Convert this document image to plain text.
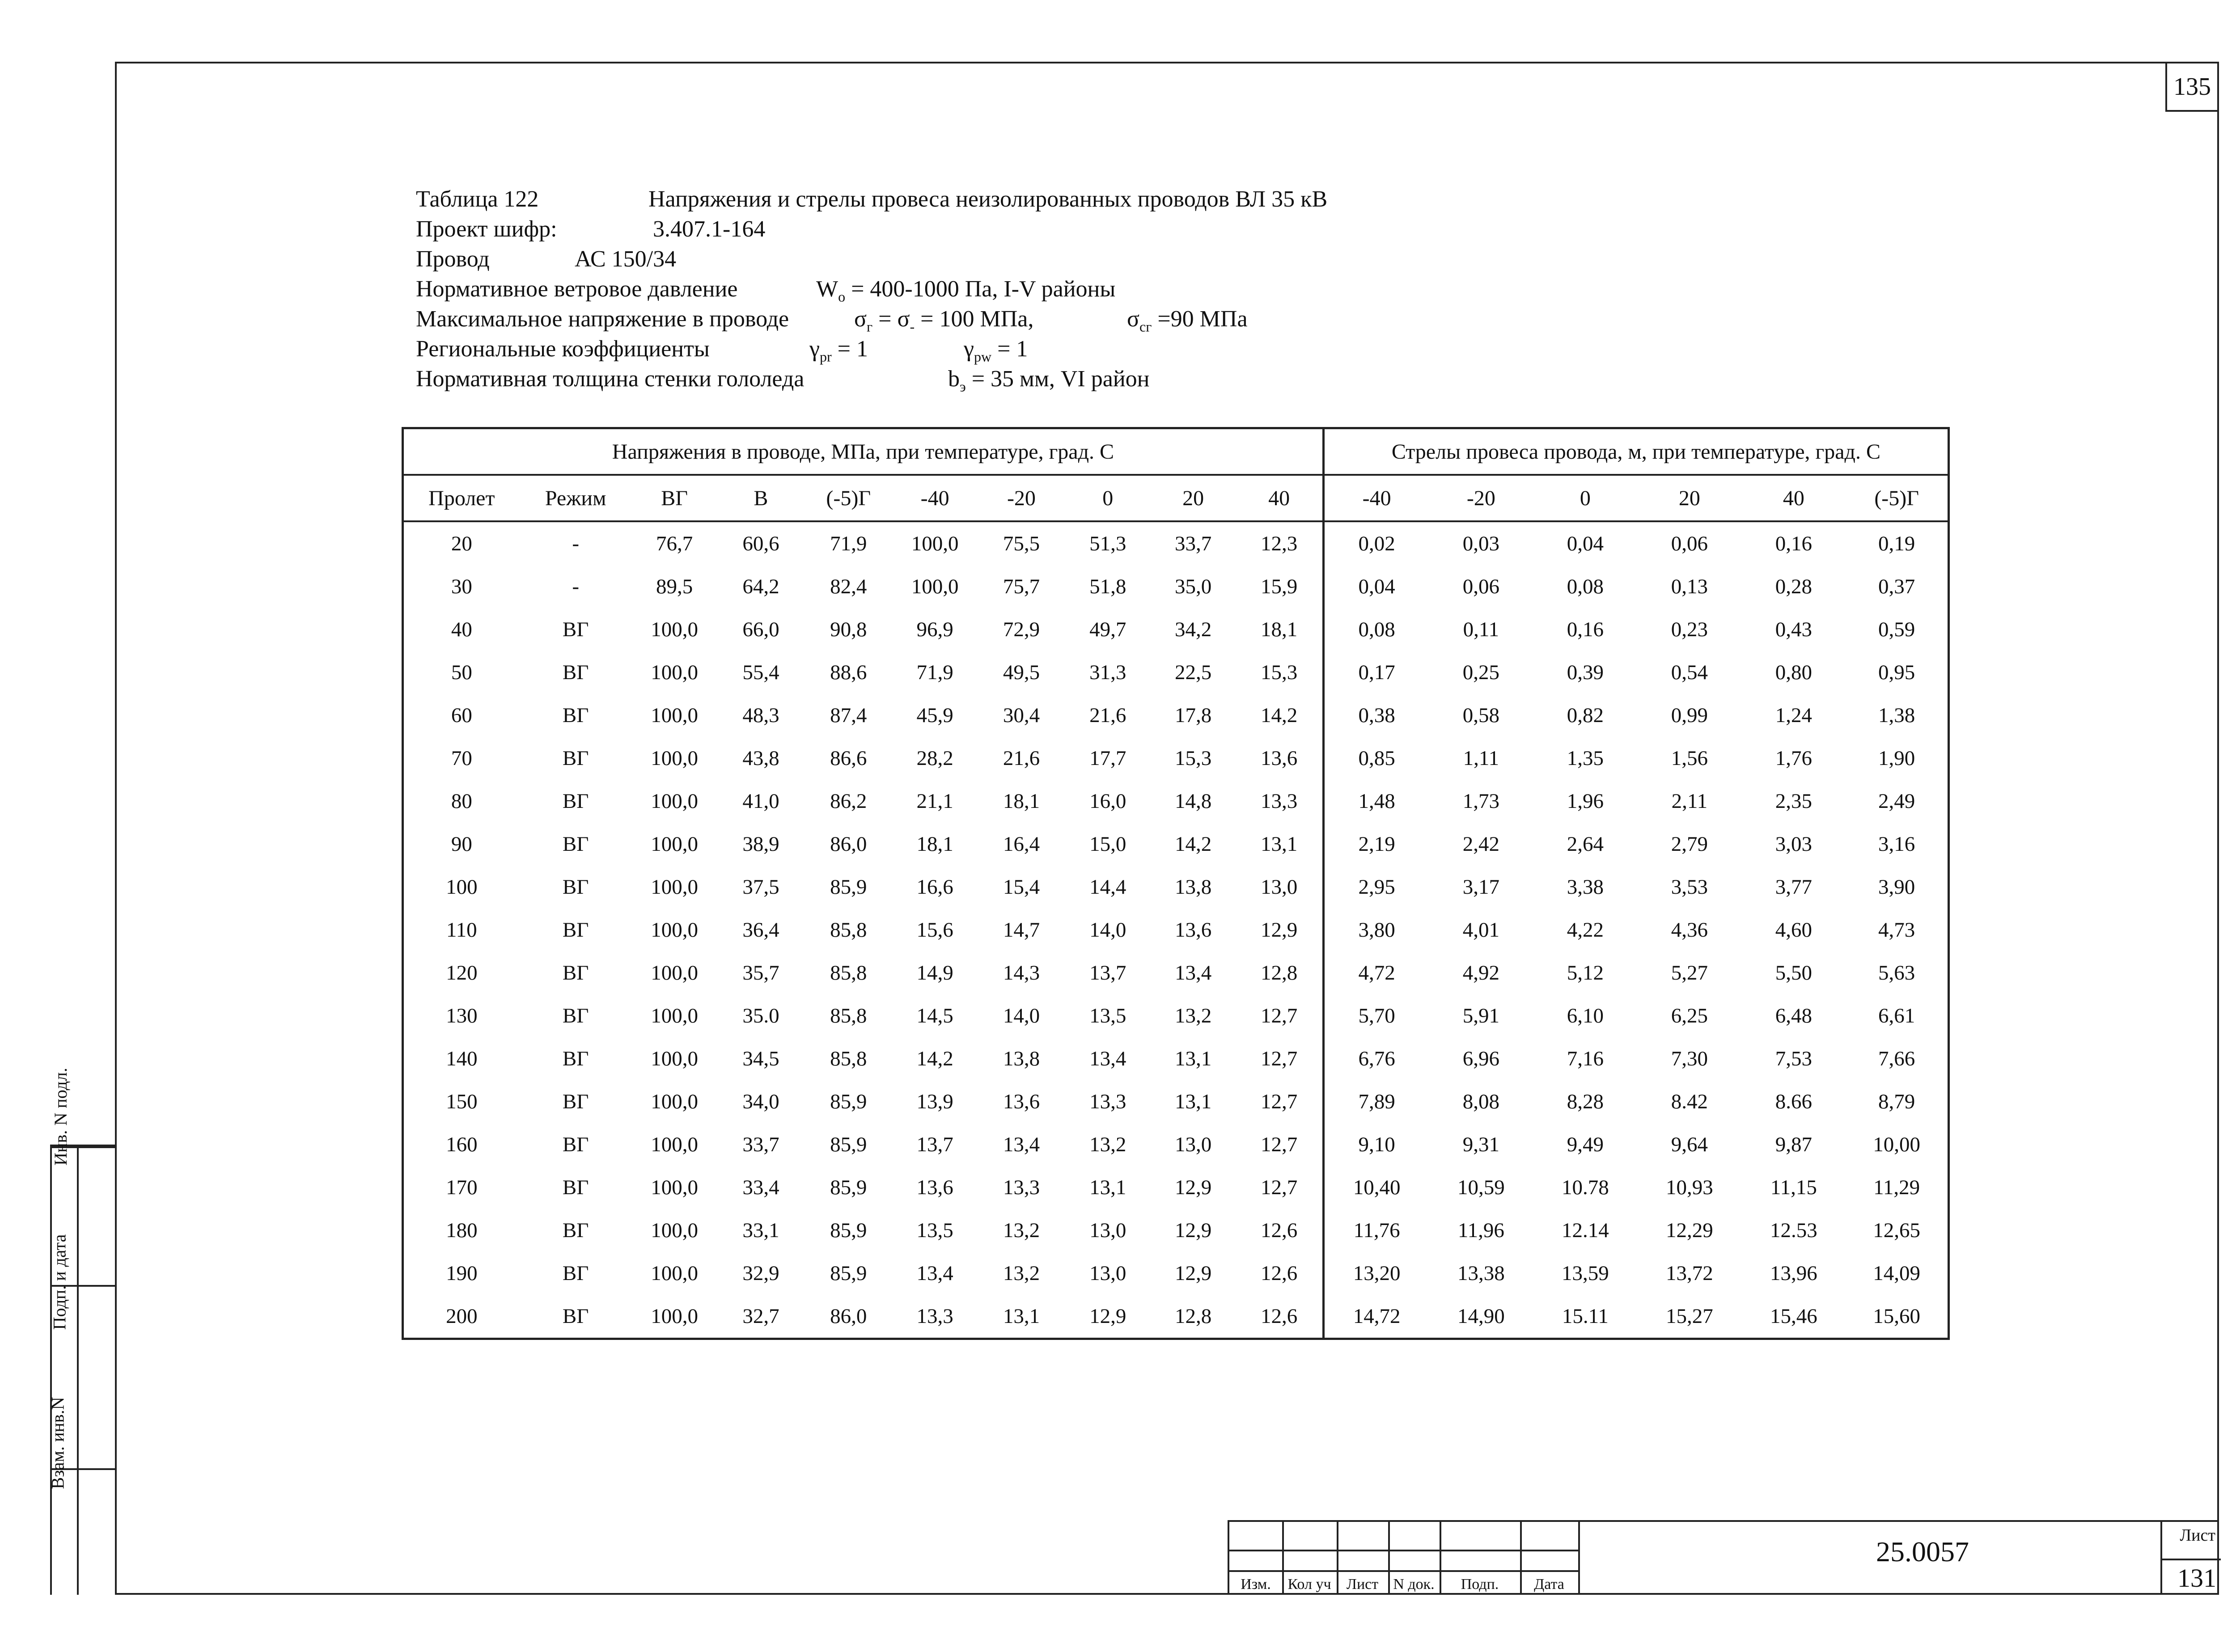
135
Таблица 122	Напряжения и стрелы провеса неизолированных проводов ВЛ 35 кВ
Проект шифр:	3.407.1-164
Провод	АС 150/34
Нормативное ветровое давление	$W_o = 400-1000$ Па, I-V районы
Максимальное напряжение в проводе	$\sigma_г = \sigma_- = 100$ МПа,	$\sigma_{сг} =90$ МПа
Региональные коэффициенты	$\gamma_{pr} = 1$	$\gamma_{pw} = 1$
Нормативная толщина стенки гололеда	$b_э = 35$ мм, VI район
Напряжения в проводе, МПа, при температуре, град. С										Стрелы провеса провода, м, при температуре, град. С					
Пролет	Режим	ВГ	В	(-5)Г	-40	-20	0	20	40	-40	-20	0	20	40	(-5)Г
20	-	76,7	60,6	71,9	100,0	75,5	51,3	33,7	12,3	0,02	0,03	0,04	0,06	0,16	0,19
30	-	89,5	64,2	82,4	100,0	75,7	51,8	35,0	15,9	0,04	0,06	0,08	0,13	0,28	0,37
40	ВГ	100,0	66,0	90,8	96,9	72,9	49,7	34,2	18,1	0,08	0,11	0,16	0,23	0,43	0,59
50	ВГ	100,0	55,4	88,6	71,9	49,5	31,3	22,5	15,3	0,17	0,25	0,39	0,54	0,80	0,95
60	ВГ	100,0	48,3	87,4	45,9	30,4	21,6	17,8	14,2	0,38	0,58	0,82	0,99	1,24	1,38
70	ВГ	100,0	43,8	86,6	28,2	21,6	17,7	15,3	13,6	0,85	1,11	1,35	1,56	1,76	1,90
80	ВГ	100,0	41,0	86,2	21,1	18,1	16,0	14,8	13,3	1,48	1,73	1,96	2,11	2,35	2,49
90	ВГ	100,0	38,9	86,0	18,1	16,4	15,0	14,2	13,1	2,19	2,42	2,64	2,79	3,03	3,16
100	ВГ	100,0	37,5	85,9	16,6	15,4	14,4	13,8	13,0	2,95	3,17	3,38	3,53	3,77	3,90
110	ВГ	100,0	36,4	85,8	15,6	14,7	14,0	13,6	12,9	3,80	4,01	4,22	4,36	4,60	4,73
120	ВГ	100,0	35,7	85,8	14,9	14,3	13,7	13,4	12,8	4,72	4,92	5,12	5,27	5,50	5,63
130	ВГ	100,0	35.0	85,8	14,5	14,0	13,5	13,2	12,7	5,70	5,91	6,10	6,25	6,48	6,61
140	ВГ	100,0	34,5	85,8	14,2	13,8	13,4	13,1	12,7	6,76	6,96	7,16	7,30	7,53	7,66
150	ВГ	100,0	34,0	85,9	13,9	13,6	13,3	13,1	12,7	7,89	8,08	8,28	8.42	8.66	8,79
160	ВГ	100,0	33,7	85,9	13,7	13,4	13,2	13,0	12,7	9,10	9,31	9,49	9,64	9,87	10,00
170	ВГ	100,0	33,4	85,9	13,6	13,3	13,1	12,9	12,7	10,40	10,59	10.78	10,93	11,15	11,29
180	ВГ	100,0	33,1	85,9	13,5	13,2	13,0	12,9	12,6	11,76	11,96	12.14	12,29	12.53	12,65
190	ВГ	100,0	32,9	85,9	13,4	13,2	13,0	12,9	12,6	13,20	13,38	13,59	13,72	13,96	14,09
200	ВГ	100,0	32,7	86,0	13,3	13,1	12,9	12,8	12,6	14,72	14,90	15.11	15,27	15,46	15,60
Взам. инв.N
Подп. и дата
Инв. N подл.
Изм.	Кол уч	Лист N док.	Подп.	Дата
25.0057
Лист
131
